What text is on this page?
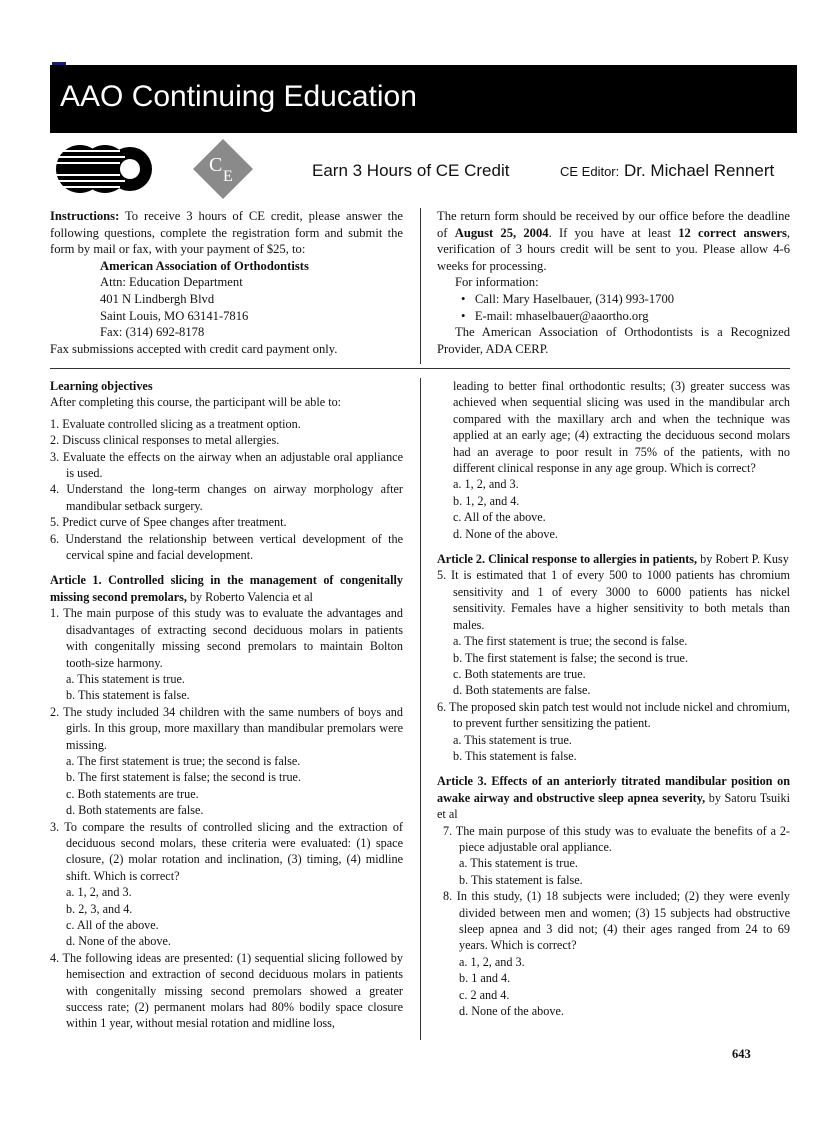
AAO Continuing Education
C
E	Earn 3 Hours of CE Credit	CE Editor: Dr. Michael Rennert
Instructions: To receive 3 hours of CE credit, please answer the following questions, complete the registration form and submit the form by mail or fax, with your payment of $25, to:
American Association of Orthodontists
Attn: Education Department
401 N Lindbergh Blvd
Saint Louis, MO 63141-7816
Fax: (314) 692-8178
Fax submissions accepted with credit card payment only.
The return form should be received by our office before the deadline of August 25, 2004. If you have at least 12 correct answers, verification of 3 hours credit will be sent to you. Please allow 4-6 weeks for processing.
For information:
•   Call: Mary Haselbauer, (314) 993-1700
•   E-mail: mhaselbauer@aaortho.org
The American Association of Orthodontists is a Recognized Provider, ADA CERP.
Learning objectives
After completing this course, the participant will be able to:
1. Evaluate controlled slicing as a treatment option.
2. Discuss clinical responses to metal allergies.
3. Evaluate the effects on the airway when an adjustable oral appliance is used.
4. Understand the long-term changes on airway morphology after mandibular setback surgery.
5. Predict curve of Spee changes after treatment.
6. Understand the relationship between vertical development of the cervical spine and facial development.
Article 1. Controlled slicing in the management of congenitally missing second premolars, by Roberto Valencia et al
1. The main purpose of this study was to evaluate the advantages and disadvantages of extracting second deciduous molars in patients with congenitally missing second premolars to maintain Bolton tooth-size harmony.
a. This statement is true.
b. This statement is false.
2. The study included 34 children with the same numbers of boys and girls. In this group, more maxillary than mandibular premolars were missing.
a. The first statement is true; the second is false.
b. The first statement is false; the second is true.
c. Both statements are true.
d. Both statements are false.
3. To compare the results of controlled slicing and the extraction of deciduous second molars, these criteria were evaluated: (1) space closure, (2) molar rotation and inclination, (3) timing, (4) midline shift. Which is correct?
a. 1, 2, and 3.
b. 2, 3, and 4.
c. All of the above.
d. None of the above.
4. The following ideas are presented: (1) sequential slicing followed by hemisection and extraction of second deciduous molars in patients with congenitally missing second premolars showed a greater success rate; (2) permanent molars had 80% bodily space closure within 1 year, without mesial rotation and midline loss,
leading to better final orthodontic results; (3) greater success was achieved when sequential slicing was used in the mandibular arch compared with the maxillary arch and when the technique was applied at an early age; (4) extracting the deciduous second molars had an average to poor result in 75% of the patients, with no different clinical response in any age group. Which is correct?
a. 1, 2, and 3.
b. 1, 2, and 4.
c. All of the above.
d. None of the above.
Article 2. Clinical response to allergies in patients, by Robert P. Kusy
5. It is estimated that 1 of every 500 to 1000 patients has chromium sensitivity and 1 of every 3000 to 6000 patients has nickel sensitivity. Females have a higher sensitivity to both metals than males.
a. The first statement is true; the second is false.
b. The first statement is false; the second is true.
c. Both statements are true.
d. Both statements are false.
6. The proposed skin patch test would not include nickel and chromium, to prevent further sensitizing the patient.
a. This statement is true.
b. This statement is false.
Article 3. Effects of an anteriorly titrated mandibular position on awake airway and obstructive sleep apnea severity, by Satoru Tsuiki et al
7. The main purpose of this study was to evaluate the benefits of a 2-piece adjustable oral appliance.
a. This statement is true.
b. This statement is false.
8. In this study, (1) 18 subjects were included; (2) they were evenly divided between men and women; (3) 15 subjects had obstructive sleep apnea and 3 did not; (4) their ages ranged from 24 to 69 years. Which is correct?
a. 1, 2, and 3.
b. 1 and 4.
c. 2 and 4.
d. None of the above.
643
